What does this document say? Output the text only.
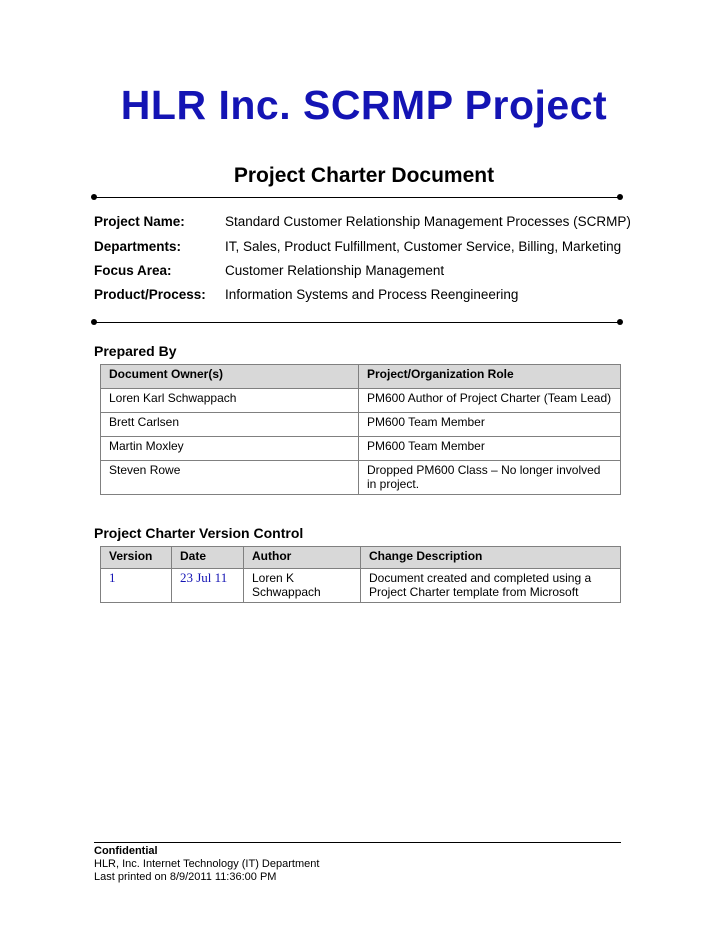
HLR Inc. SCRMP Project
Project Charter Document
Project Name:	Standard Customer Relationship Management Processes (SCRMP)
Departments:	IT, Sales, Product Fulfillment, Customer Service, Billing, Marketing
Focus Area:	Customer Relationship Management
Product/Process: Information Systems and Process Reengineering
Prepared By
Document Owner(s)	Project/Organization Role
Loren Karl Schwappach	PM600 Author of Project Charter (Team Lead)
Brett Carlsen	PM600 Team Member
Martin Moxley	PM600 Team Member
Steven Rowe	Dropped PM600 Class – No longer involved in project.
Project Charter Version Control
Version	Date	Author	Change Description
1	23 Jul 11	Loren K Schwappach	Document created and completed using a Project Charter template from Microsoft
Confidential
HLR, Inc. Internet Technology (IT) Department
Last printed on 8/9/2011 11:36:00 PM
